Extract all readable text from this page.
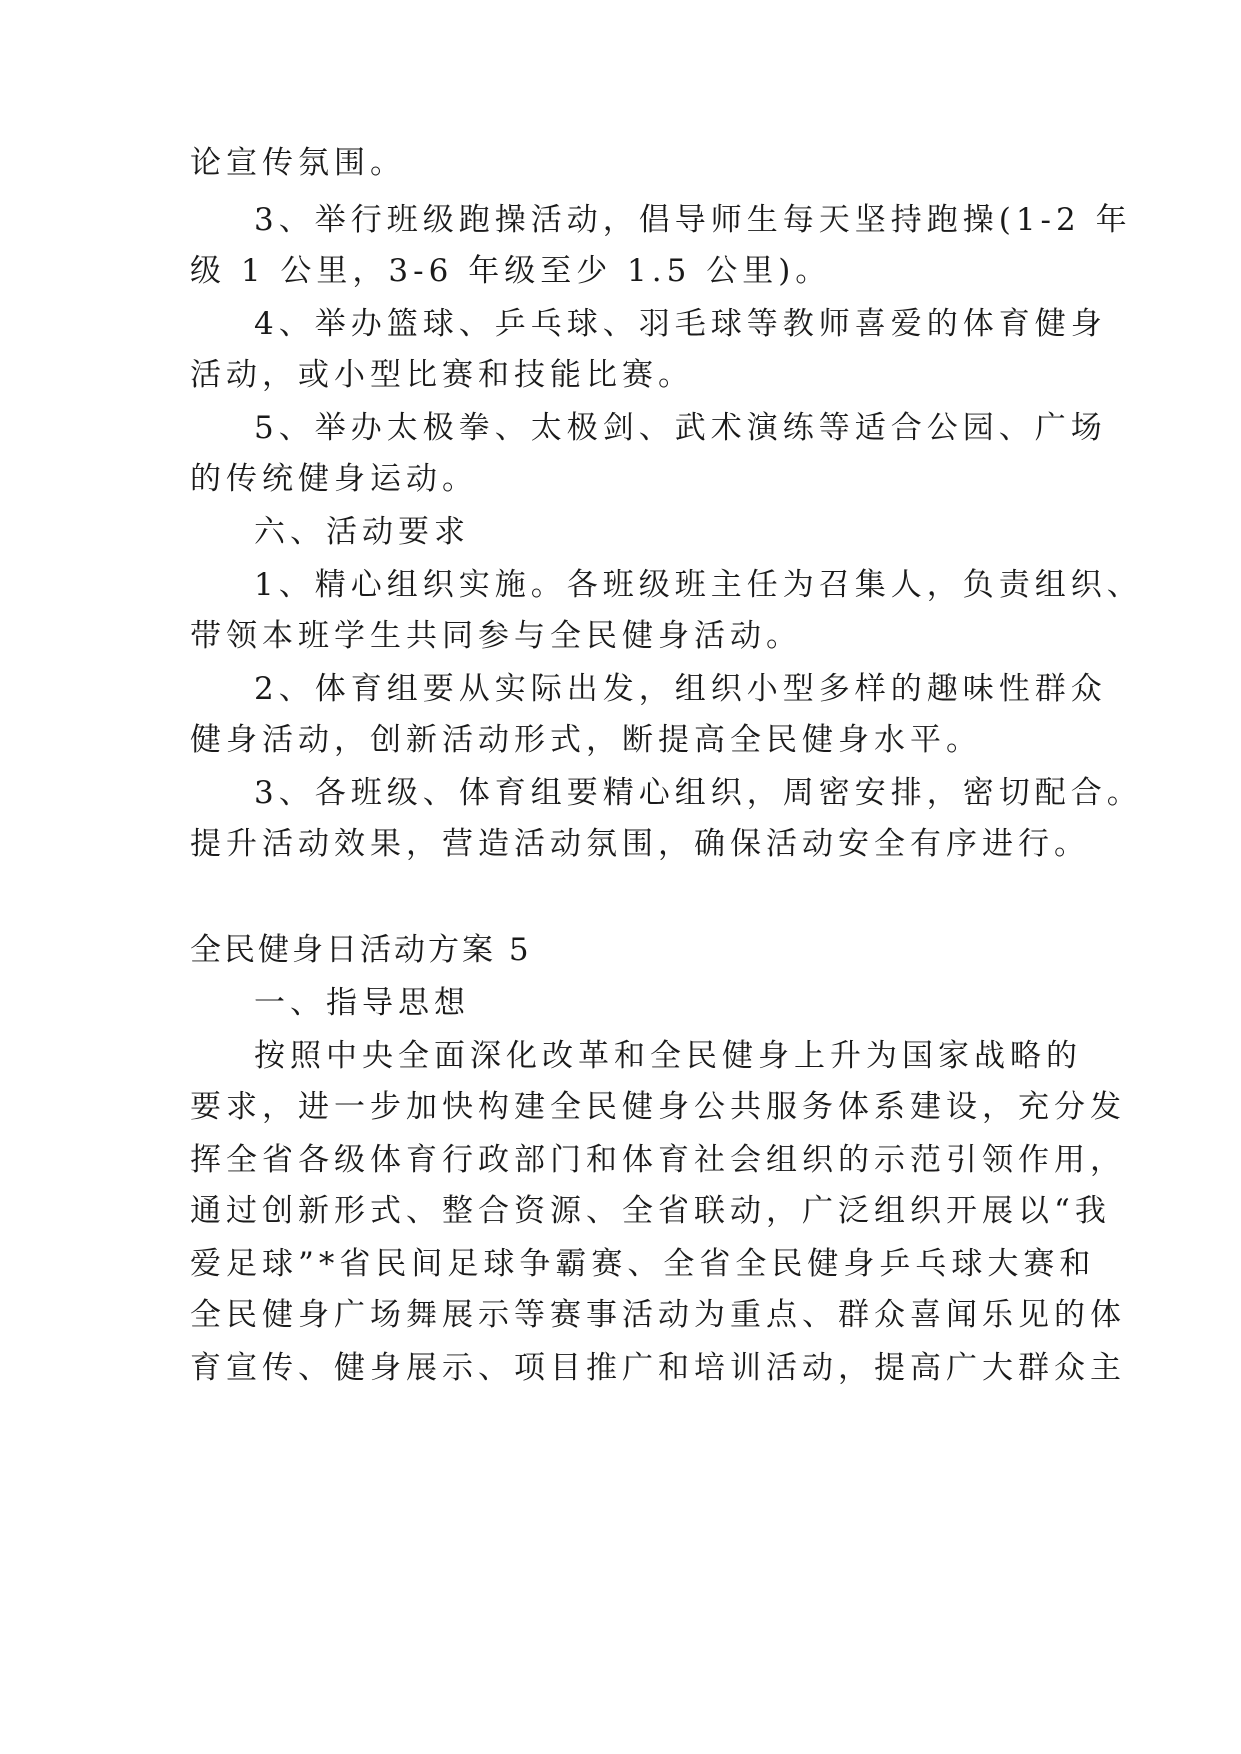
论宣传氛围。
3、举行班级跑操活动，倡导师生每天坚持跑操(1-2 年
级 1 公里，3-6 年级至少 1.5 公里)。
4、举办篮球、乒乓球、羽毛球等教师喜爱的体育健身
活动，或小型比赛和技能比赛。
5、举办太极拳、太极剑、武术演练等适合公园、广场
的传统健身运动。
六、活动要求
1、精心组织实施。各班级班主任为召集人，负责组织、
带领本班学生共同参与全民健身活动。
2、体育组要从实际出发，组织小型多样的趣味性群众
健身活动，创新活动形式，断提高全民健身水平。
3、各班级、体育组要精心组织，周密安排，密切配合。
提升活动效果，营造活动氛围，确保活动安全有序进行。
全民健身日活动方案 5
一、指导思想
按照中央全面深化改革和全民健身上升为国家战略的
要求，进一步加快构建全民健身公共服务体系建设，充分发
挥全省各级体育行政部门和体育社会组织的示范引领作用，
通过创新形式、整合资源、全省联动，广泛组织开展以“我
爱足球”*省民间足球争霸赛、全省全民健身乒乓球大赛和
全民健身广场舞展示等赛事活动为重点、群众喜闻乐见的体
育宣传、健身展示、项目推广和培训活动，提高广大群众主
